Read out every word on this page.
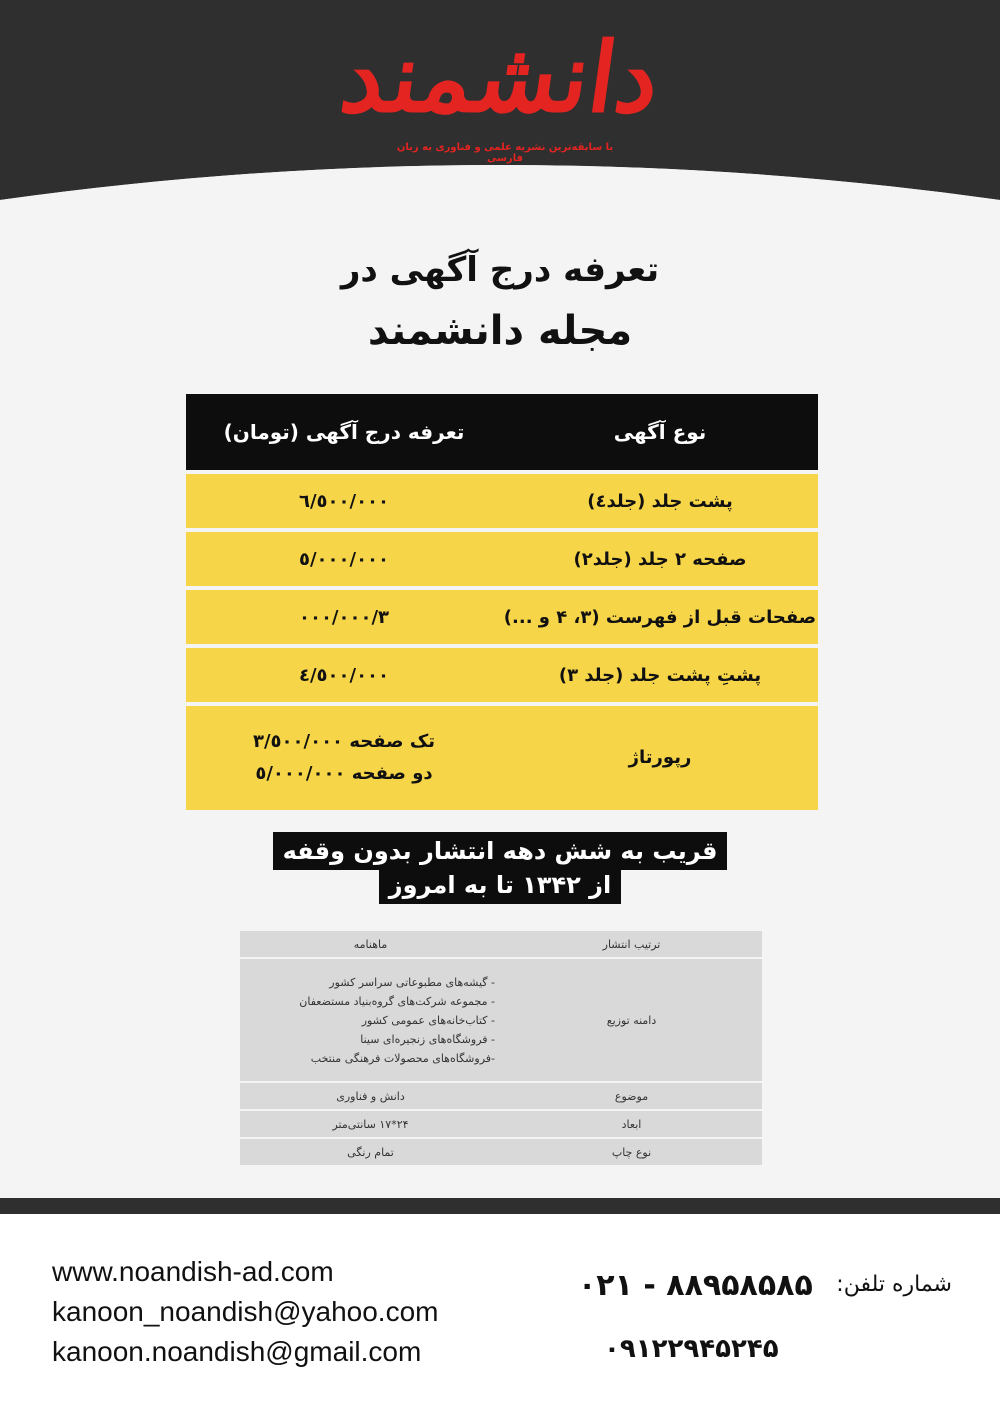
دانشمند
با سابقه‌ترین نشریه علمی و فناوری به زبان فارسی
تعرفه درج آگهی در
مجله دانشمند
نوع آگهی
تعرفه درج آگهی (تومان)
پشت جلد (جلد٤)
٦/٥٠٠/٠٠٠
صفحه ۲ جلد (جلد۲)
٥/٠٠٠/٠٠٠
صفحات قبل از فهرست (۳، ۴ و ...)
۳/٠٠٠/٠٠٠
پشتِ پشت جلد (جلد ۳)
٤/٥٠٠/٠٠٠
رپورتاژ
تک صفحه ۳/٥٠٠/٠٠٠
دو صفحه ٥/٠٠٠/٠٠٠
قریب به شش دهه انتشار بدون وقفه
از ۱۳۴۲ تا به امروز
ترتیب انتشار
ماهنامه
دامنه توزیع
- گیشه‌های مطبوعاتی سراسر کشور
- مجموعه شرکت‌های گروه‌بنیاد مستضعفان
- کتاب‌خانه‌های عمومی کشور
- فروشگاه‌های زنجیره‌ای سینا
-فروشگاه‌های محصولات فرهنگی منتخب
موضوع
دانش و فناوری
ابعاد
۲۴*۱۷ سانتی‌متر
نوع چاپ
تمام رنگی
www.noandish-ad.com
kanoon_noandish@yahoo.com
kanoon.noandish@gmail.com
شماره تلفن:
۰۲۱ - ۸۸۹۵۸۵۸۵
۰۹۱۲۲۹۴۵۲۴۵
